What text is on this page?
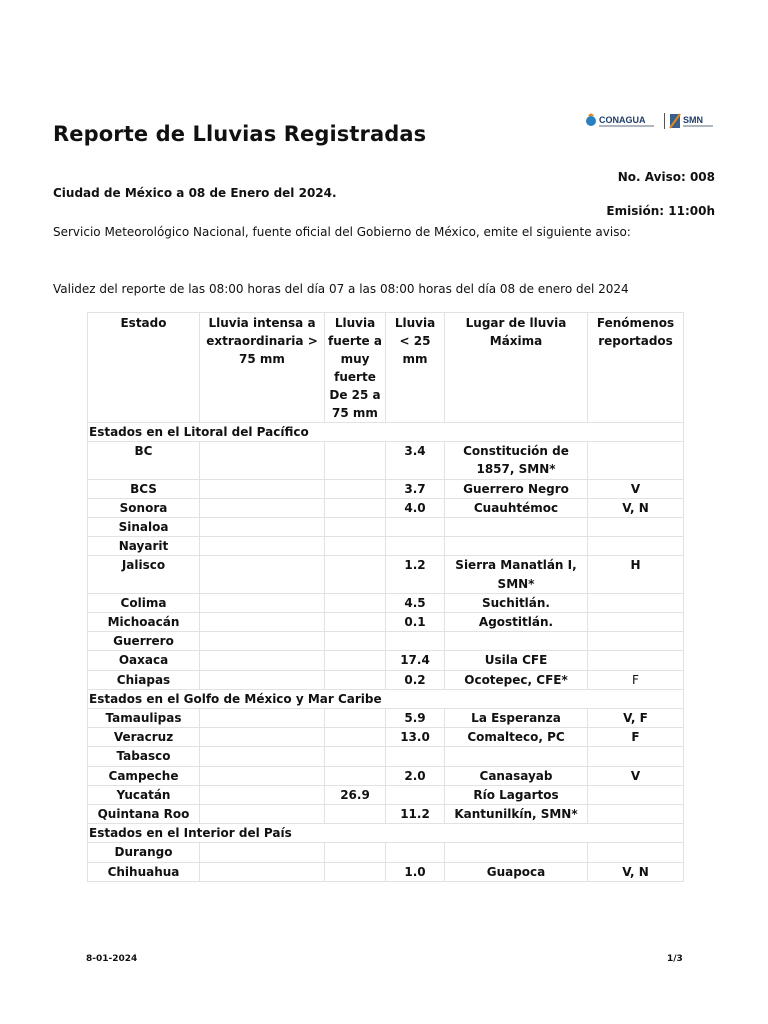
Reporte de Lluvias Registradas
CONAGUA	SMN
No. Aviso: 008
Ciudad de México a 08 de Enero del 2024.
Emisión: 11:00h
Servicio Meteorológico Nacional, fuente oficial del Gobierno de México, emite el siguiente aviso:
Validez del reporte de las 08:00 horas del día 07 a las 08:00 horas del día 08 de enero del 2024
Estado	Lluvia intensa a extraordinaria > 75 mm	Lluvia fuerte a muy fuerte De 25 a 75 mm	Lluvia < 25 mm	Lugar de lluvia Máxima	Fenómenos reportados
Estados en el Litoral del Pacífico					
BC			3.4	Constitución de 1857, SMN*	
BCS			3.7	Guerrero Negro	V
Sonora			4.0	Cuauhtémoc	V, N
Sinaloa					
Nayarit					
Jalisco			1.2	Sierra Manatlán I, SMN*	H
Colima			4.5	Suchitlán.	
Michoacán			0.1	Agostitlán.	
Guerrero					
Oaxaca			17.4	Usila CFE	
Chiapas			0.2	Ocotepec, CFE*	F
Estados en el Golfo de México y Mar Caribe					
Tamaulipas			5.9	La Esperanza	V, F
Veracruz			13.0	Comalteco, PC	F
Tabasco					
Campeche			2.0	Canasayab	V
Yucatán		26.9		Río Lagartos	
Quintana Roo			11.2	Kantunilkín, SMN*	
Estados en el Interior del País					
Durango					
Chihuahua			1.0	Guapoca	V, N
8-01-2024	1/3
